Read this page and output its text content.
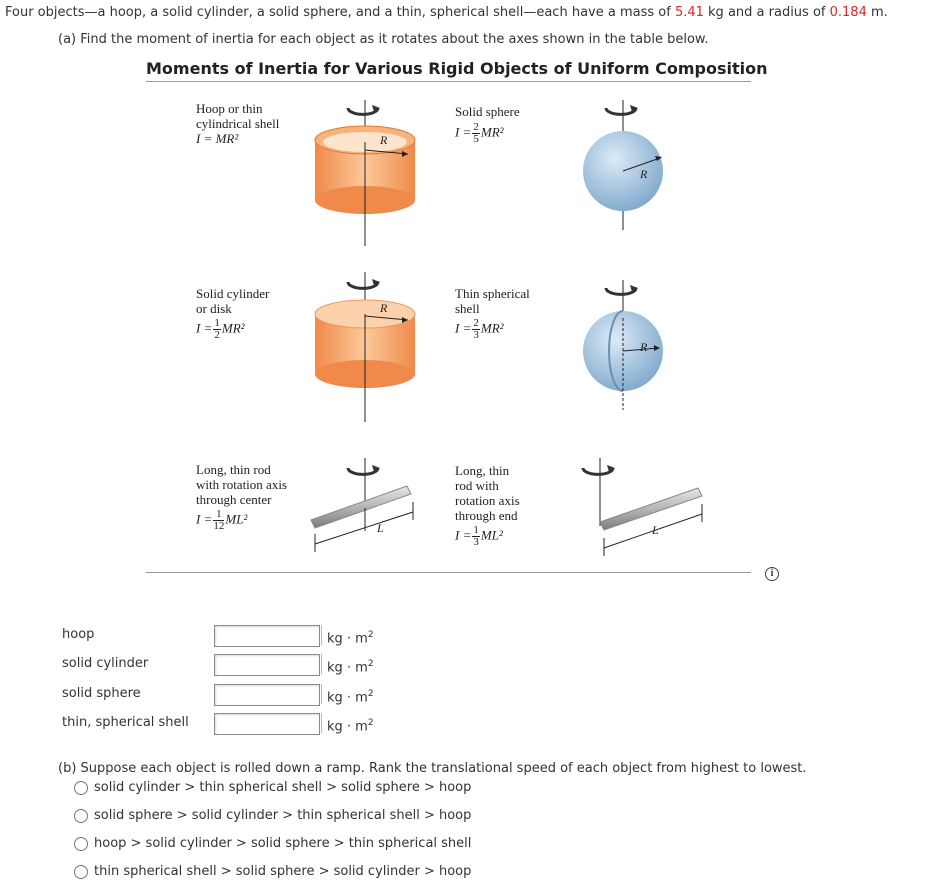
Four objects—a hoop, a solid cylinder, a solid sphere, and a thin, spherical shell—each have a mass of 5.41 kg and a radius of 0.184 m.
(a) Find the moment of inertia for each object as it rotates about the axes shown in the table below.
Moments of Inertia for Various Rigid Objects of Uniform Composition
Hoop or thin
cylindrical shell
I = MR²	R
Solid sphere
$I = \frac{2}{5} MR^2$
R
Solid cylinder
or disk
$I = \frac{1}{2} MR^2$
R
Thin spherical
shell
$I = \frac{2}{3} MR^2$
R
Long, thin rod
with rotation axis
through center
$I = \frac{1}{12} ML^2$
L
Long, thin
rod with
rotation axis
through end
$I = \frac{1}{3} ML^2$	L
i
hoop	kg · $m^2$
solid cylinder	kg · $m^2$
solid sphere	kg · $m^2$
thin, spherical shell	kg · $m^2$
(b) Suppose each object is rolled down a ramp. Rank the translational speed of each object from highest to lowest.
solid cylinder > thin spherical shell > solid sphere > hoop
solid sphere > solid cylinder > thin spherical shell > hoop
hoop > solid cylinder > solid sphere > thin spherical shell
thin spherical shell > solid sphere > solid cylinder > hoop
